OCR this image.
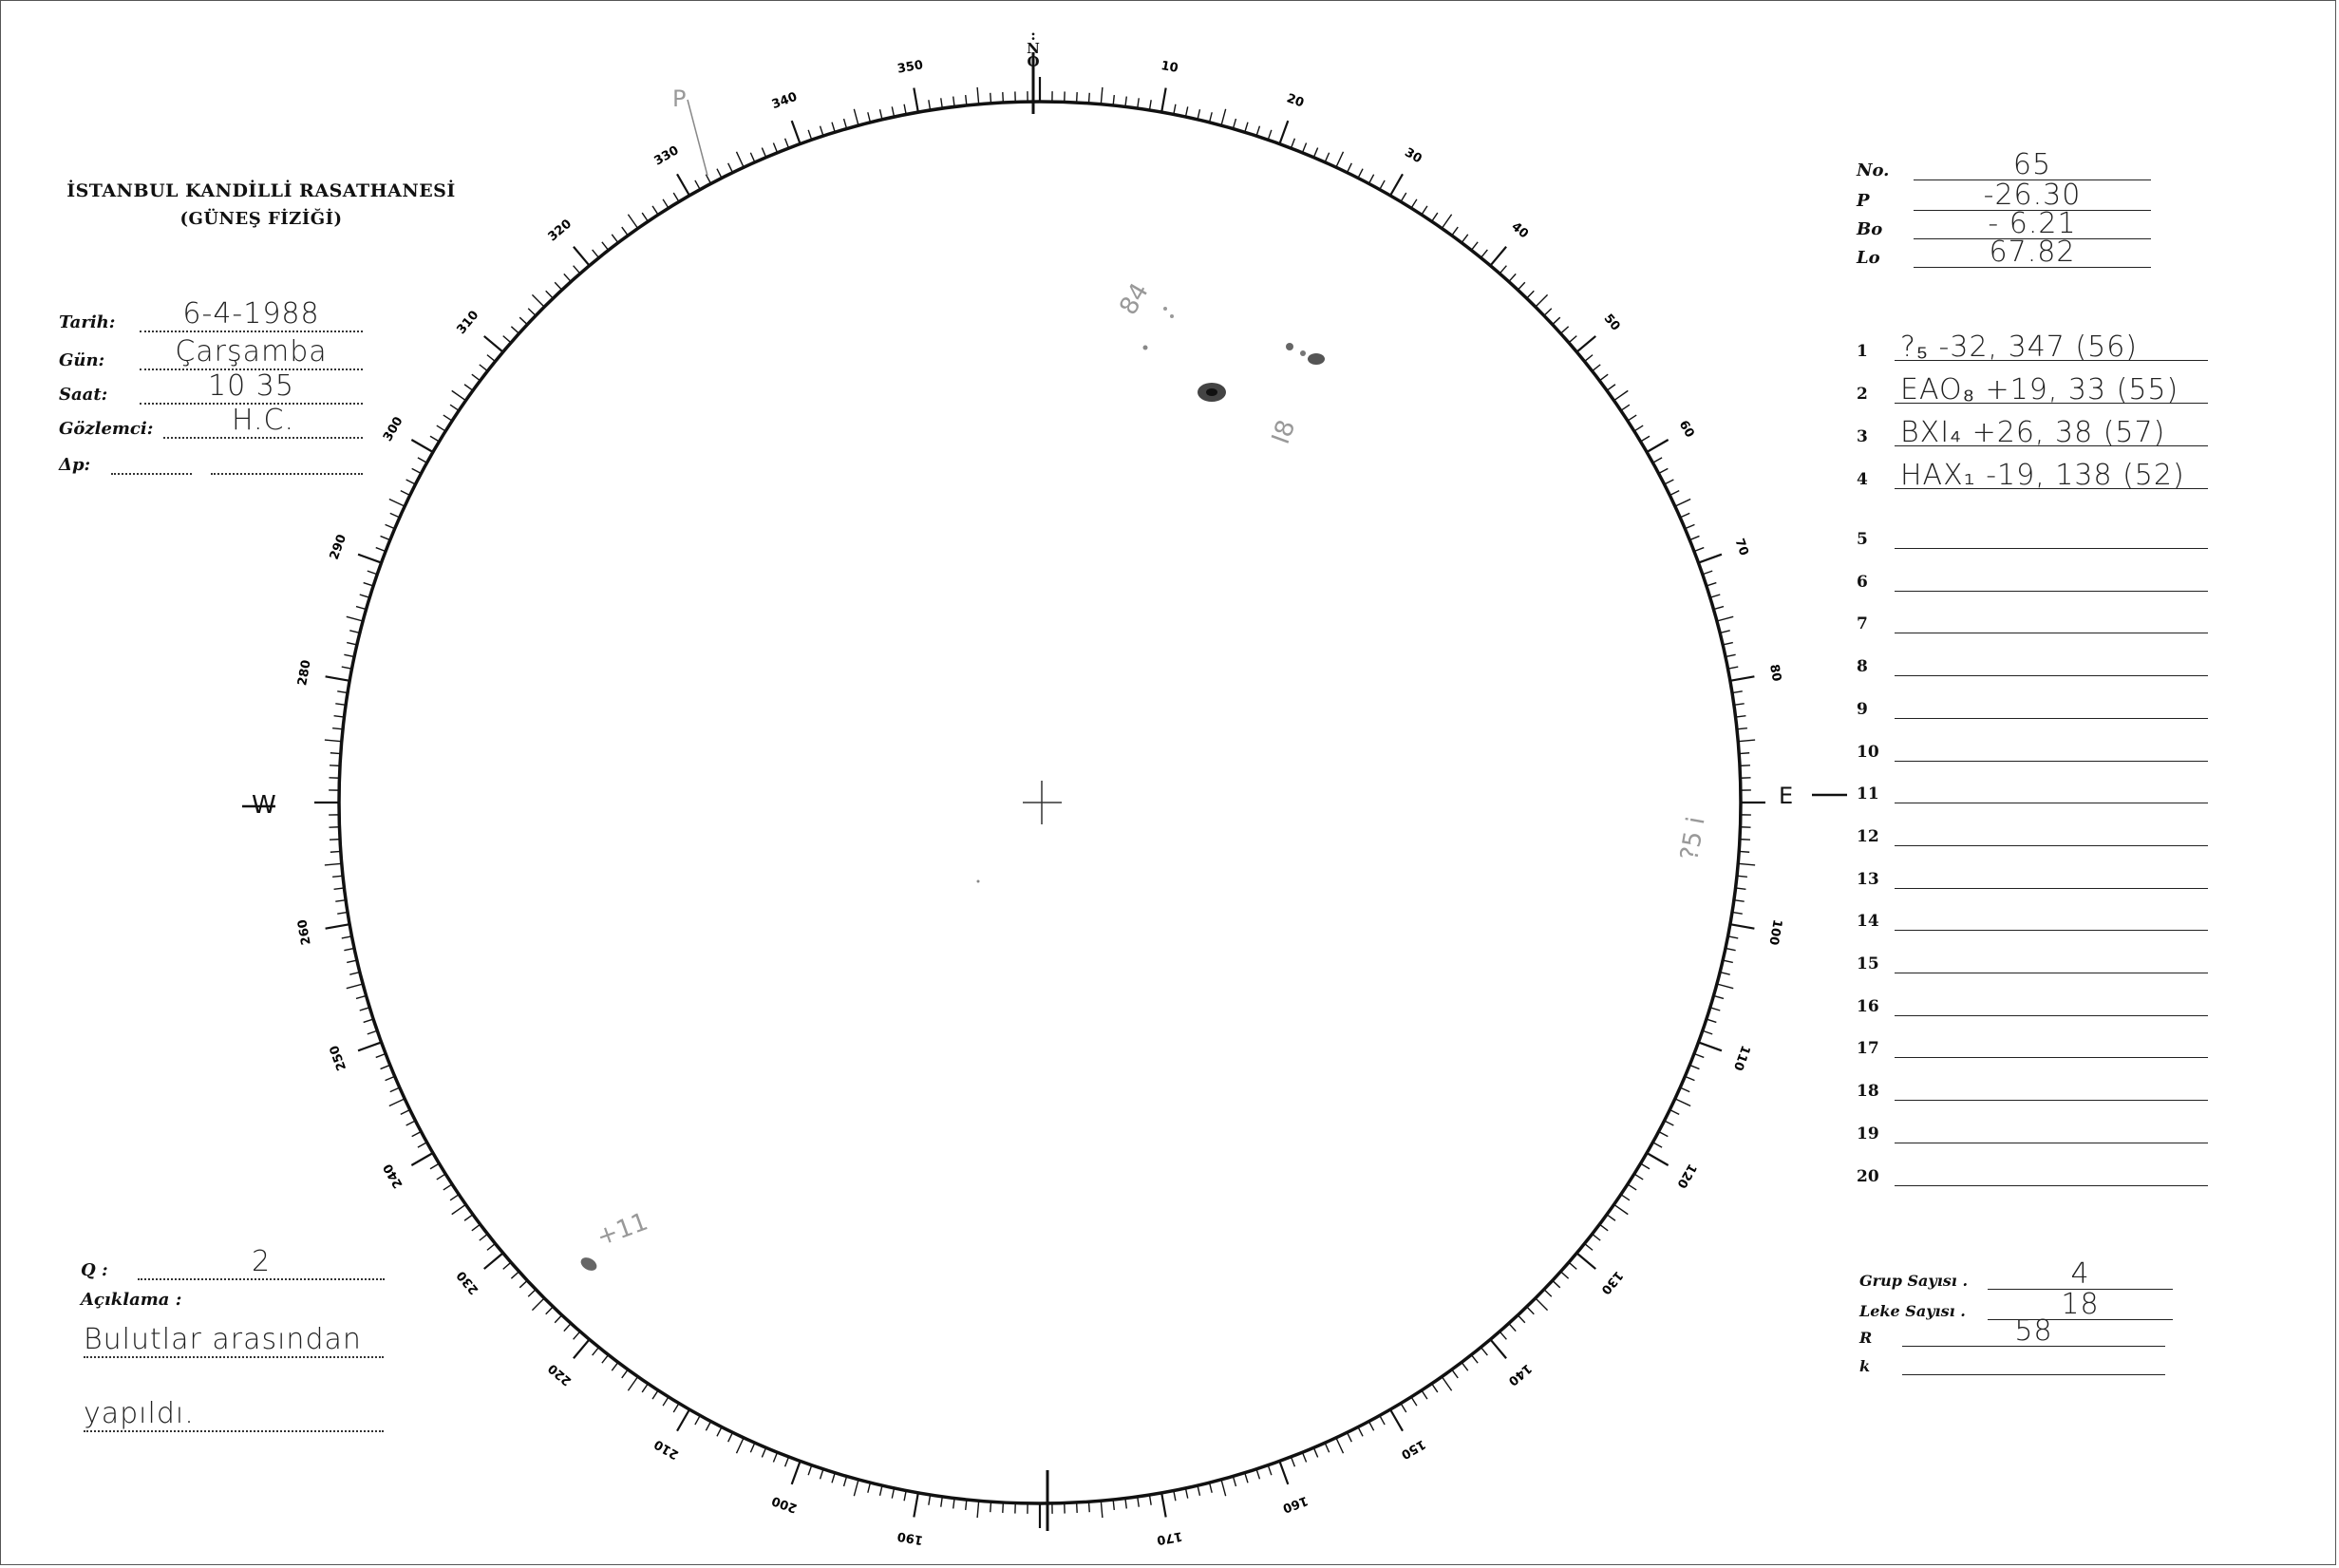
İSTANBUL KANDİLLİ RASATHANESİ
(GÜNEŞ FİZİĞİ)
Tarih:	6-4-1988
Gün:	Çarşamba
Saat:	10 35
Gözlemci:	H.C.
Δp:
No.	65
P	-26.30
Bo	- 6.21
Lo	67.82
1	?₅ -32, 347 (56)
2	EAO₈ +19, 33 (55)
3	BXI₄ +26, 38 (57)
4	HAX₁ -19, 138 (52)
5
6
7
8
9
10
11
12
13
14
15
16
17
18
19
20
10
20
30
40
50
60
70
80
100
110
120
130
140
150
160
170
190
200
210
220
230
240
250
260
280
290
300
310
320
330
340
350
:
N
O
W	E
84
I8
P
+11
?5 i
Q :	2
Açıklama :
Bulutlar arasından
yapıldı.
Grup Sayısı .	4
Leke Sayısı .	18
R	58
k
